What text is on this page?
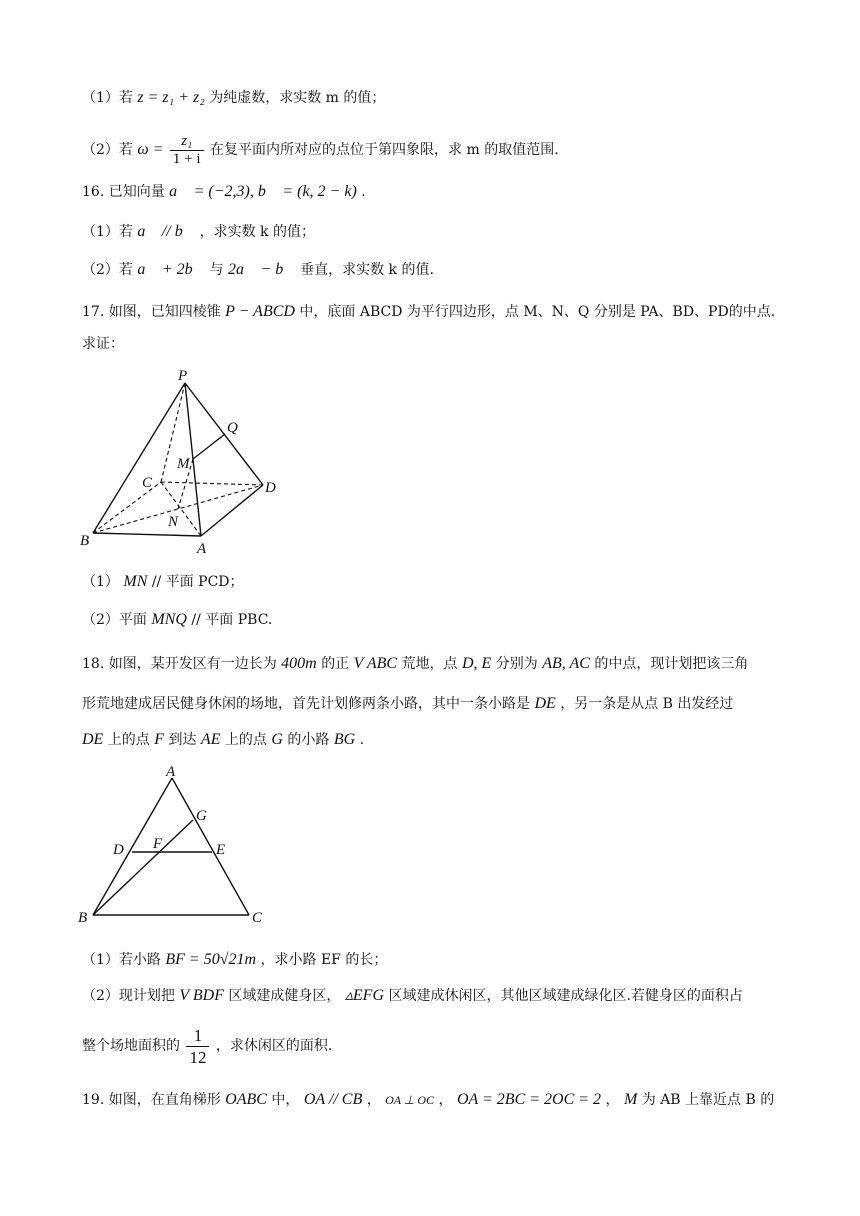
（1）若 z = z₁ + z₂ 为纯虚数，求实数 m 的值；
（2）若 $\omega = \frac{\text{z₁}}{1 + i}$ 在复平面内所对应的点位于第四象限，求 m 的取值范围.
16. 已知向量 a⃗ = (−2,3), b⃗ = (k, 2 − k) .
（1）若 a⃗ // b⃗ ，求实数 k 的值；
（2）若 a⃗ + 2b⃗ 与 2a⃗ − b⃗ 垂直，求实数 k 的值.
17. 如图，已知四棱锥 P − ABCD 中，底面 ABCD 为平行四边形，点 M、N、Q 分别是 PA、BD、PD的中点.
求证：
P
Q
M
C	D
N
B	A
（1） MN // 平面 PCD；
（2）平面 MNQ // 平面 PBC.
18. 如图，某开发区有一边长为 400m 的正 V ABC 荒地，点 D, E 分别为 AB, AC 的中点，现计划把该三角
形荒地建成居民健身休闲的场地，首先计划修两条小路，其中一条小路是 DE ，另一条是从点 B 出发经过
DE 上的点 F 到达 AE 上的点 G 的小路 BG .
A
G
D F	E
B	C
（1）若小路 BF = 50√21m ，求小路 EF 的长；
（2）现计划把 V BDF 区域建成健身区， ▵EFG 区域建成休闲区，其他区域建成绿化区.若健身区的面积占
整个场地面积的 $\frac{1}{12}$ ，求休闲区的面积.
19. 如图，在直角梯形 OABC 中， OA // CB ， OA ⊥ OC ， OA = 2BC = 2OC = 2 ， M 为 AB 上靠近点 B 的
